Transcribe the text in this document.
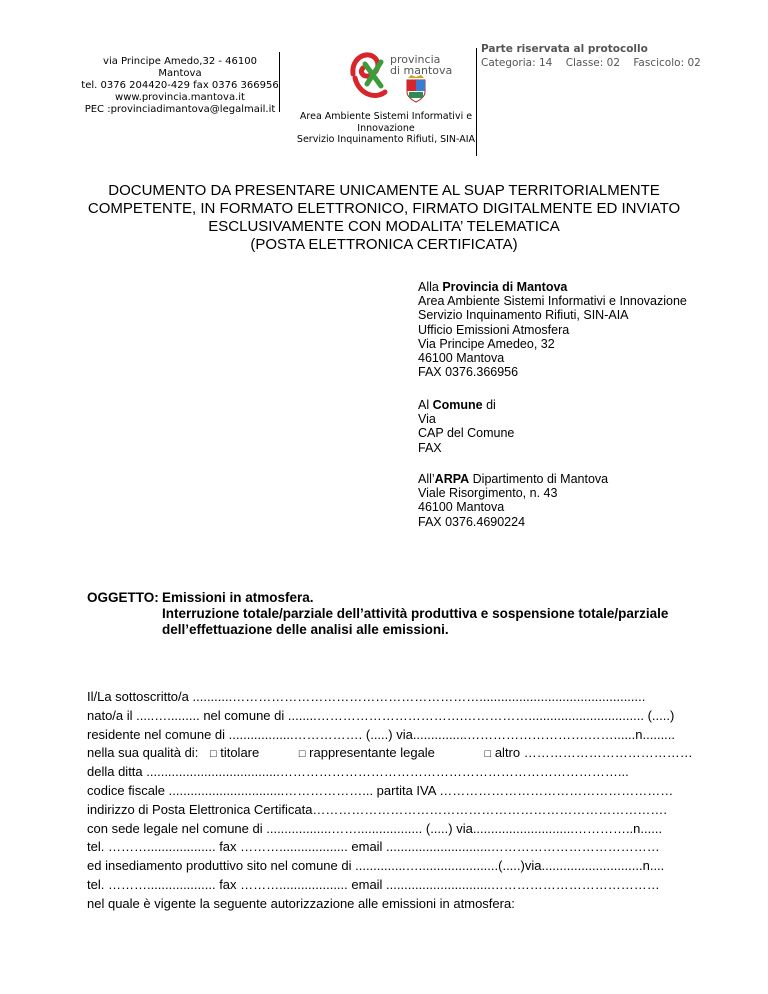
via Principe Amedo,32 - 46100 Mantova
tel. 0376 204420-429 fax 0376 366956
www.provincia.mantova.it
PEC :provinciadimantova@legalmail.it
provincia
di mantova
Area Ambiente Sistemi Informativi e
Innovazione
Servizio Inquinamento Rifiuti, SIN-AIA
Parte riservata al protocollo
Categoria: 14 Classe: 02 Fascicolo: 02
DOCUMENTO DA PRESENTARE UNICAMENTE AL SUAP TERRITORIALMENTE
COMPETENTE, IN FORMATO ELETTRONICO, FIRMATO DIGITALMENTE ED INVIATO
ESCLUSIVAMENTE CON MODALITA’ TELEMATICA
(POSTA ELETTRONICA CERTIFICATA)
Alla Provincia di Mantova
Area Ambiente Sistemi Informativi e Innovazione
Servizio Inquinamento Rifiuti, SIN-AIA
Ufficio Emissioni Atmosfera
Via Principe Amedeo, 32
46100 Mantova
FAX 0376.366956
Al Comune di
Via
CAP del Comune
FAX
All’ARPA Dipartimento di Mantova
Viale Risorgimento, n. 43
46100 Mantova
FAX 0376.4690224
OGGETTO: Emissioni in atmosfera.
Interruzione totale/parziale dell’attività produttiva e sospensione totale/parziale
dell’effettuazione delle analisi alle emissioni.
Il/La sottoscritto/a ...........…………………………………………………..............................................
nato/a il .....…......... nel comune di ........…………………………….……………................................ (.....)
residente nel comune di ..................……………. (.....) via...............……………………….……......n.........
nella sua qualità di: □ titolare	□ rappresentante legale	□ altro …………………………………
della ditta .....................................……………………………………………………………………...
codice fiscale ................................………………... partita IVA ………………………………………………
indirizzo di Posta Elettronica Certificata……………………………………………………………………….
con sede legale nel comune di ..................…….................. (.....) via............................…………..n......
tel. ………................... fax ………................... email .............................…………………………………
ed insediamento produttivo sito nel comune di ..............…......................(.....)via............................n....
tel. ………................... fax ………................... email .............................…………………………………
nel quale è vigente la seguente autorizzazione alle emissioni in atmosfera:
